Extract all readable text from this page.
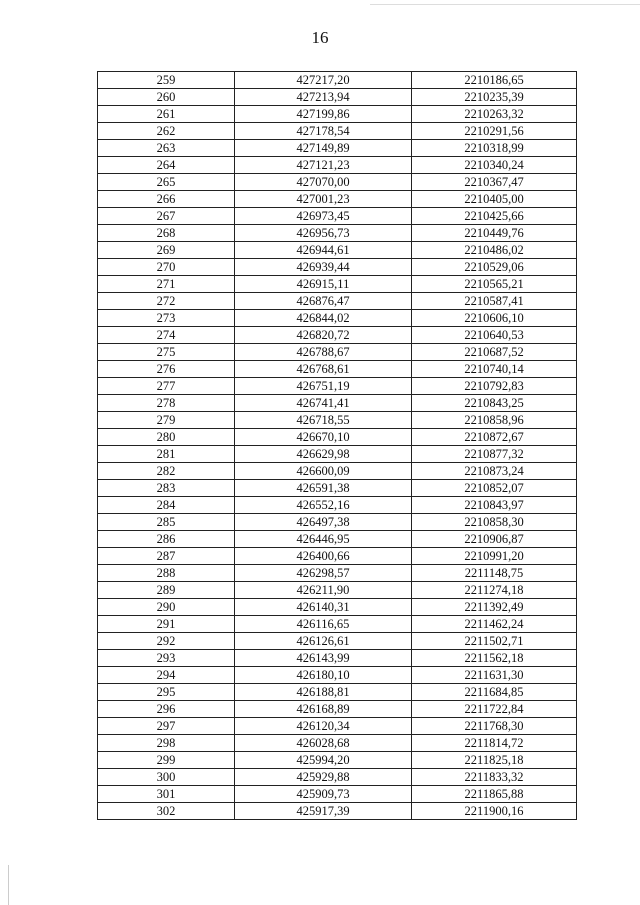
16
259	427217,20	2210186,65
260	427213,94	2210235,39
261	427199,86	2210263,32
262	427178,54	2210291,56
263	427149,89	2210318,99
264	427121,23	2210340,24
265	427070,00	2210367,47
266	427001,23	2210405,00
267	426973,45	2210425,66
268	426956,73	2210449,76
269	426944,61	2210486,02
270	426939,44	2210529,06
271	426915,11	2210565,21
272	426876,47	2210587,41
273	426844,02	2210606,10
274	426820,72	2210640,53
275	426788,67	2210687,52
276	426768,61	2210740,14
277	426751,19	2210792,83
278	426741,41	2210843,25
279	426718,55	2210858,96
280	426670,10	2210872,67
281	426629,98	2210877,32
282	426600,09	2210873,24
283	426591,38	2210852,07
284	426552,16	2210843,97
285	426497,38	2210858,30
286	426446,95	2210906,87
287	426400,66	2210991,20
288	426298,57	2211148,75
289	426211,90	2211274,18
290	426140,31	2211392,49
291	426116,65	2211462,24
292	426126,61	2211502,71
293	426143,99	2211562,18
294	426180,10	2211631,30
295	426188,81	2211684,85
296	426168,89	2211722,84
297	426120,34	2211768,30
298	426028,68	2211814,72
299	425994,20	2211825,18
300	425929,88	2211833,32
301	425909,73	2211865,88
302	425917,39	2211900,16
